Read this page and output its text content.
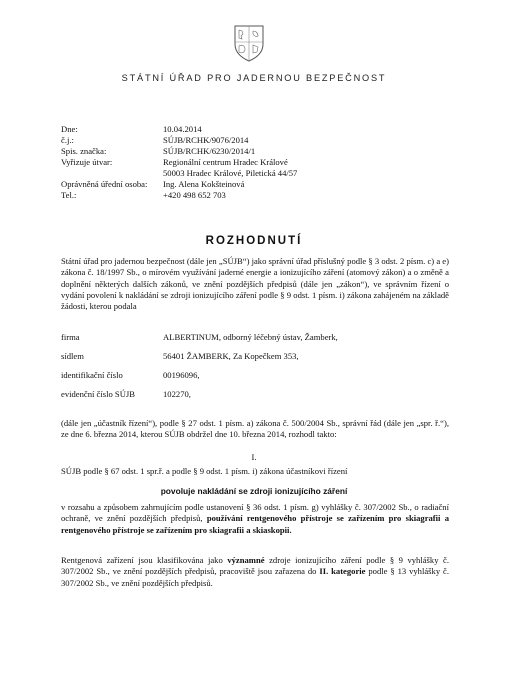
STÁTNÍ ÚŘAD PRO JADERNOU BEZPEČNOST
Dne:	10.04.2014
č.j.:	SÚJB/RCHK/9076/2014
Spis. značka:	SÚJB/RCHK/6230/2014/1
Vyřizuje útvar:	Regionální centrum Hradec Králové
50003 Hradec Králové, Piletická 44/57
Oprávněná úřední osoba:	Ing. Alena Kokšteinová
Tel.:	+420 498 652 703
ROZHODNUTÍ
Státní úřad pro jadernou bezpečnost (dále jen „SÚJB“) jako správní úřad příslušný podle § 3 odst. 2 písm. c) a e) zákona č. 18/1997 Sb., o mírovém využívání jaderné energie a ionizujícího záření (atomový zákon) a o změně a doplnění některých dalších zákonů, ve znění pozdějších předpisů (dále jen „zákon“), ve správním řízení o vydání povolení k nakládání se zdroji ionizujícího záření podle § 9 odst. 1 písm. i) zákona zahájeném na základě žádosti, kterou podala
firma	ALBERTINUM, odborný léčebný ústav, Žamberk,
sídlem	56401 ŽAMBERK, Za Kopečkem 353,
identifikační číslo	00196096,
evidenční číslo SÚJB	102270,
(dále jen „účastník řízení“), podle § 27 odst. 1 písm. a) zákona č. 500/2004 Sb., správní řád (dále jen „spr. ř.“), ze dne 6. března 2014, kterou SÚJB obdržel dne 10. března 2014, rozhodl takto:
I.
SÚJB podle § 67 odst. 1 spr.ř. a podle § 9 odst. 1 písm. i) zákona účastníkovi řízení
povoluje nakládání se zdroji ionizujícího záření
v rozsahu a způsobem zahrnujícím podle ustanovení § 36 odst. 1 písm. g) vyhlášky č. 307/2002 Sb., o radiační ochraně, ve znění pozdějších předpisů, používání rentgenového přístroje se zařízením pro skiagrafii a rentgenového přístroje se zařízením pro skiagrafii a skiaskopii.
Rentgenová zařízení jsou klasifikována jako významné zdroje ionizujícího záření podle § 9 vyhlášky č. 307/2002 Sb., ve znění pozdějších předpisů, pracoviště jsou zařazena do II. kategorie podle § 13 vyhlášky č. 307/2002 Sb., ve znění pozdějších předpisů.
